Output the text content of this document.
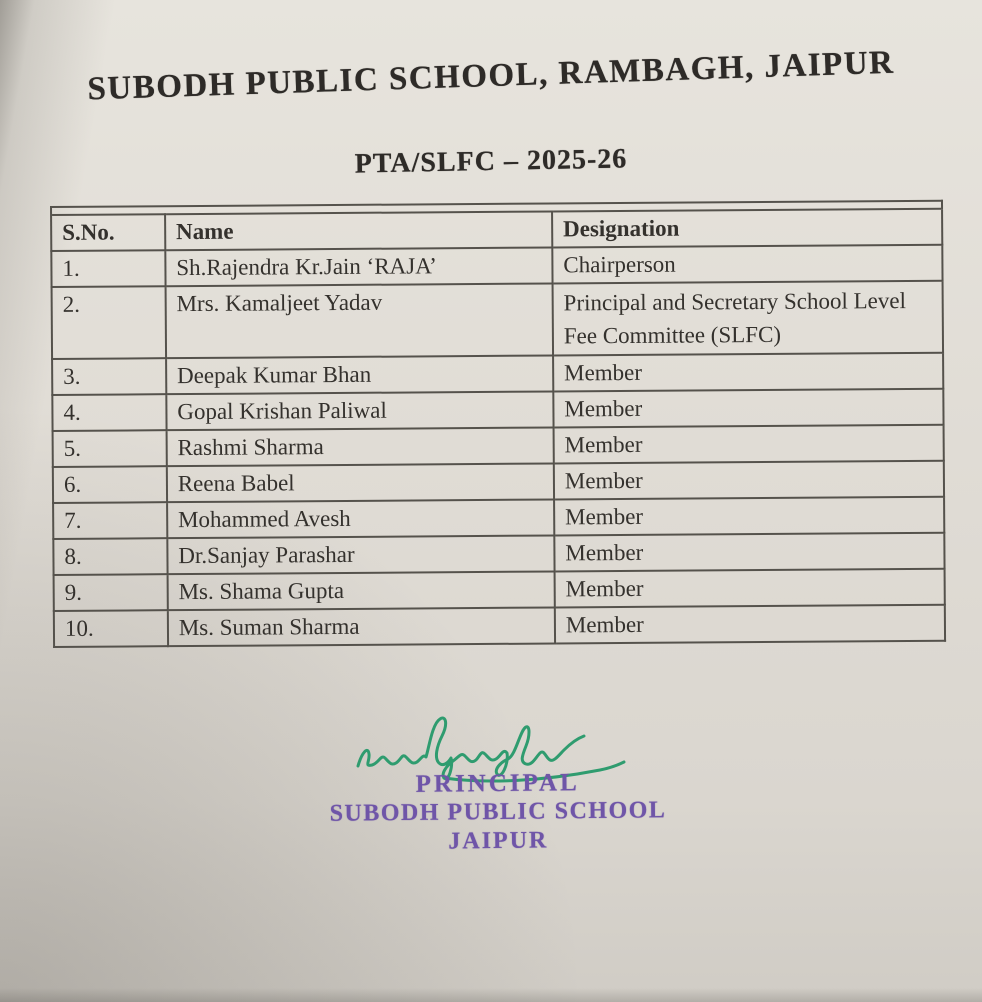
SUBODH PUBLIC SCHOOL, RAMBAGH, JAIPUR
PTA/SLFC – 2025-26

S.No.	Name	Designation
1.	Sh.Rajendra Kr.Jain ‘RAJA’	Chairperson
2.	Mrs. Kamaljeet Yadav	Principal and Secretary School Level Fee Committee (SLFC)
3.	Deepak Kumar Bhan	Member
4.	Gopal Krishan Paliwal	Member
5.	Rashmi Sharma	Member
6.	Reena Babel	Member
7.	Mohammed Avesh	Member
8.	Dr.Sanjay Parashar	Member
9.	Ms. Shama Gupta	Member
10.	Ms. Suman Sharma	Member
PRINCIPAL
SUBODH PUBLIC SCHOOL
JAIPUR
